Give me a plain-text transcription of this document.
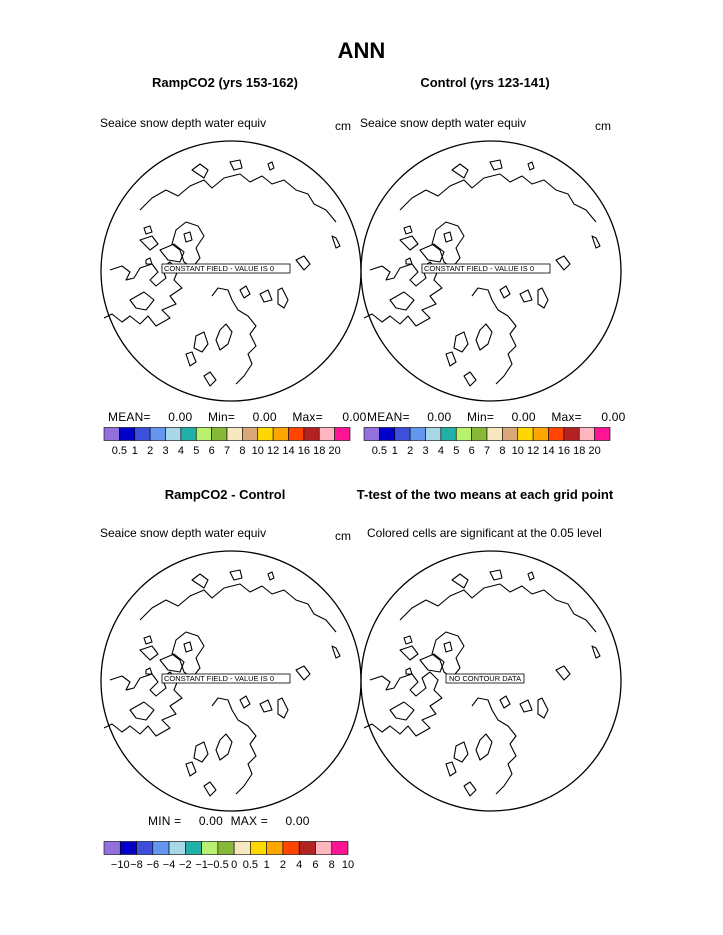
ANN
RampCO2 (yrs 153-162)
Seaice snow depth water equiv	cm
CONSTANT FIELD - VALUE IS 0
MEAN= 0.00 Min= 0.00 Max= 0.00
0.5 1 2 3 4 5 6 7 8 10 12 14 16 18 20
Control (yrs 123-141)
Seaice snow depth water equiv	cm
CONSTANT FIELD - VALUE IS 0
MEAN= 0.00 Min= 0.00 Max= 0.00
0.5 1 2 3 4 5 6 7 8 10 12 14 16 18 20
RampCO2 - Control
Seaice snow depth water equiv	cm
CONSTANT FIELD - VALUE IS 0
MIN = 0.00 MAX = 0.00
−10 −8 −6 −4 −2 −1 −0.5 0 0.5 1 2 4 6 8 10
T-test of the two means at each grid point
Colored cells are significant at the 0.05 level
NO CONTOUR DATA
